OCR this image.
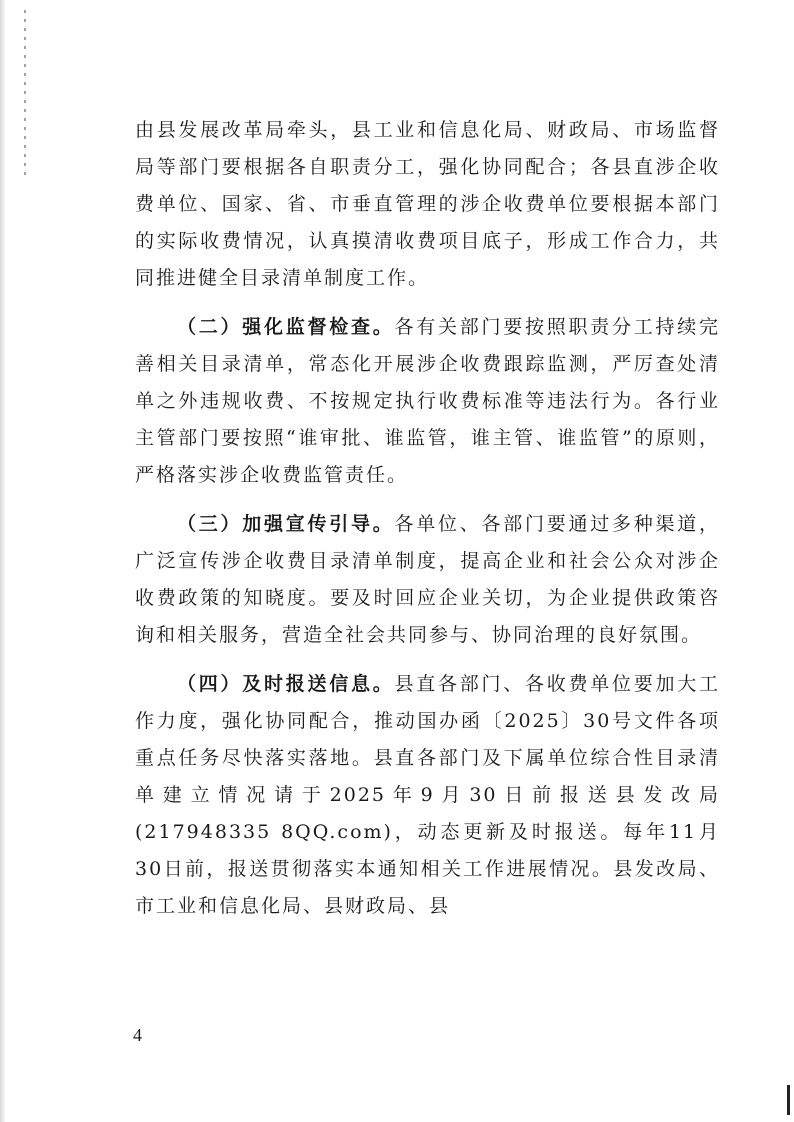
由县发展改革局牵头，县工业和信息化局、财政局、市场监督局等部门要根据各自职责分工，强化协同配合；各县直涉企收费单位、国家、省、市垂直管理的涉企收费单位要根据本部门的实际收费情况，认真摸清收费项目底子，形成工作合力，共同推进健全目录清单制度工作。

（二）强化监督检查。各有关部门要按照职责分工持续完善相关目录清单，常态化开展涉企收费跟踪监测，严厉查处清单之外违规收费、不按规定执行收费标准等违法行为。各行业主管部门要按照“谁审批、谁监管，谁主管、谁监管”的原则，严格落实涉企收费监管责任。

（三）加强宣传引导。各单位、各部门要通过多种渠道，广泛宣传涉企收费目录清单制度，提高企业和社会公众对涉企收费政策的知晓度。要及时回应企业关切，为企业提供政策咨询和相关服务，营造全社会共同参与、协同治理的良好氛围。

（四）及时报送信息。县直各部门、各收费单位要加大工作力度，强化协同配合，推动国办函〔2025〕30号文件各项重点任务尽快落实落地。县直各部门及下属单位综合性目录清单建立情况请于2025年9月30日前报送县发改局(217948335 8QQ.com)，动态更新及时报送。每年11月30日前，报送贯彻落实本通知相关工作进展情况。县发改局、市工业和信息化局、县财政局、县

4
